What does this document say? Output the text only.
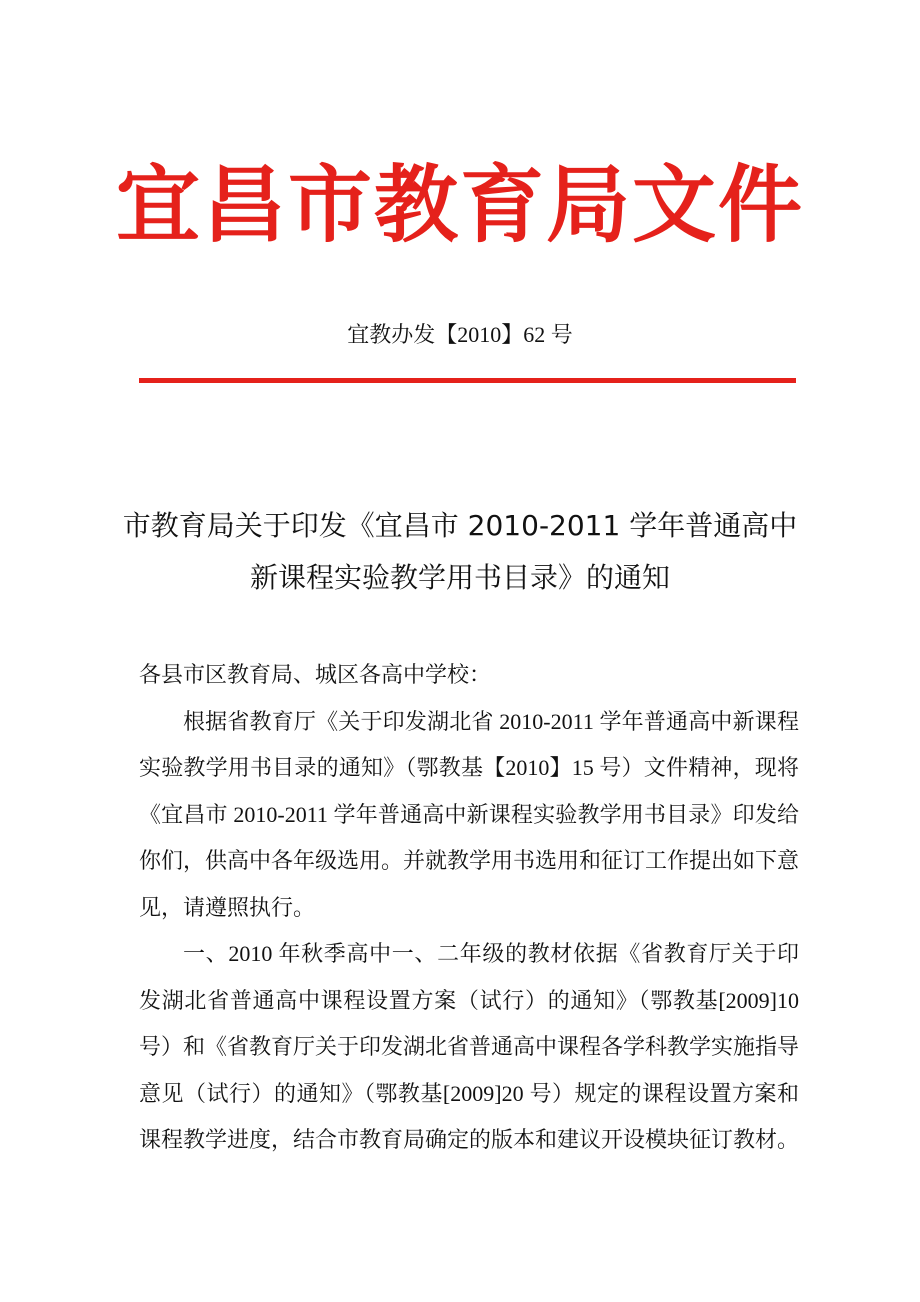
宜昌市教育局文件
宜教办发【2010】62 号
市教育局关于印发《宜昌市 2010-2011 学年普通高中
新课程实验教学用书目录》的通知

各县市区教育局、城区各高中学校：

根据省教育厅《关于印发湖北省 2010-2011 学年普通高中新课程实验教学用书目录的通知》（鄂教基【2010】15 号）文件精神，现将《宜昌市 2010-2011 学年普通高中新课程实验教学用书目录》印发给你们，供高中各年级选用。并就教学用书选用和征订工作提出如下意见，请遵照执行。

一、2010 年秋季高中一、二年级的教材依据《省教育厅关于印发湖北省普通高中课程设置方案（试行）的通知》（鄂教基[2009]10 号）和《省教育厅关于印发湖北省普通高中课程各学科教学实施指导意见（试行）的通知》（鄂教基[2009]20 号）规定的课程设置方案和课程教学进度，结合市教育局确定的版本和建议开设模块征订教材。
